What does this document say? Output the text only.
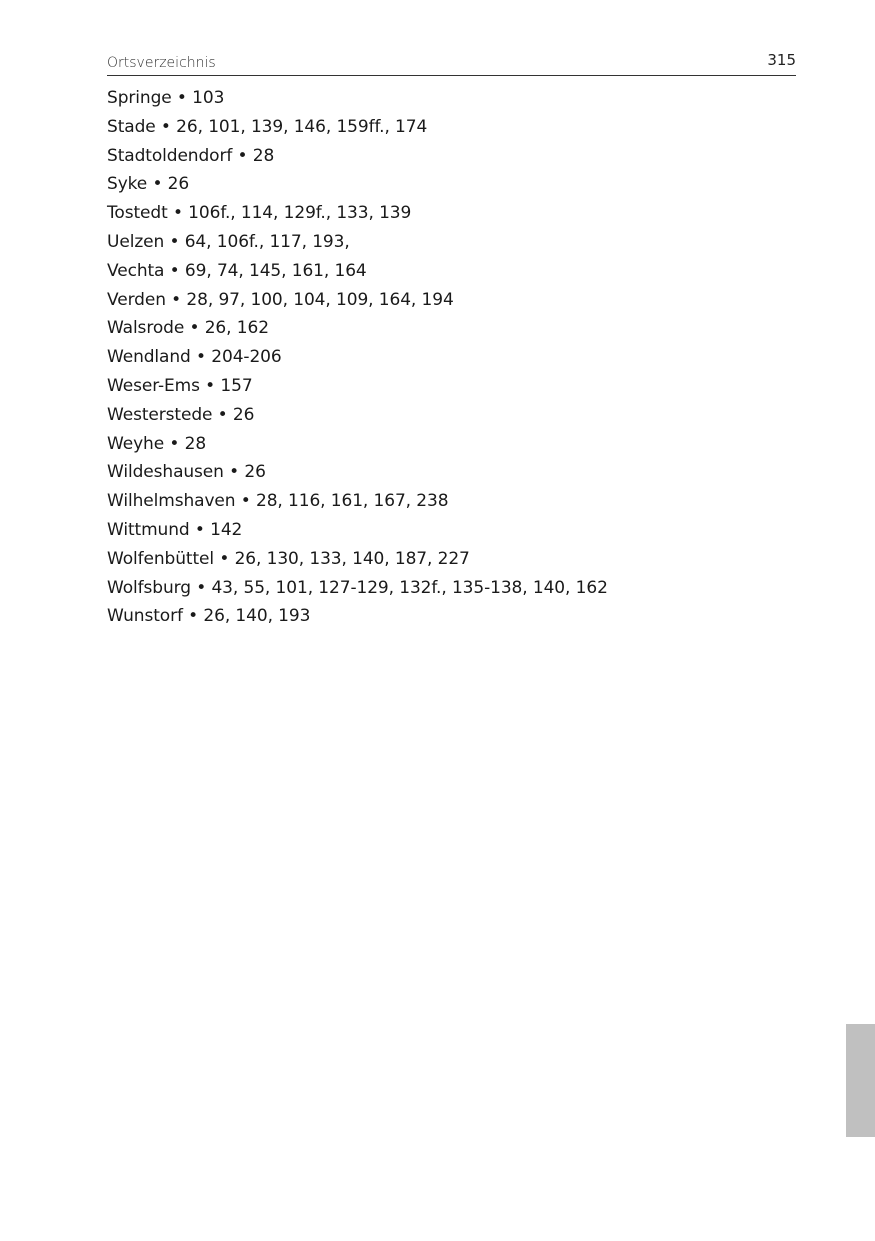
Ortsverzeichnis	315
Springe • 103
Stade • 26, 101, 139, 146, 159ff., 174
Stadtoldendorf • 28
Syke • 26
Tostedt • 106f., 114, 129f., 133, 139
Uelzen • 64, 106f., 117, 193,
Vechta • 69, 74, 145, 161, 164
Verden • 28, 97, 100, 104, 109, 164, 194
Walsrode • 26, 162
Wendland • 204-206
Weser-Ems • 157
Westerstede • 26
Weyhe • 28
Wildeshausen • 26
Wilhelmshaven • 28, 116, 161, 167, 238
Wittmund • 142
Wolfenbüttel • 26, 130, 133, 140, 187, 227
Wolfsburg • 43, 55, 101, 127-129, 132f., 135-138, 140, 162
Wunstorf • 26, 140, 193
